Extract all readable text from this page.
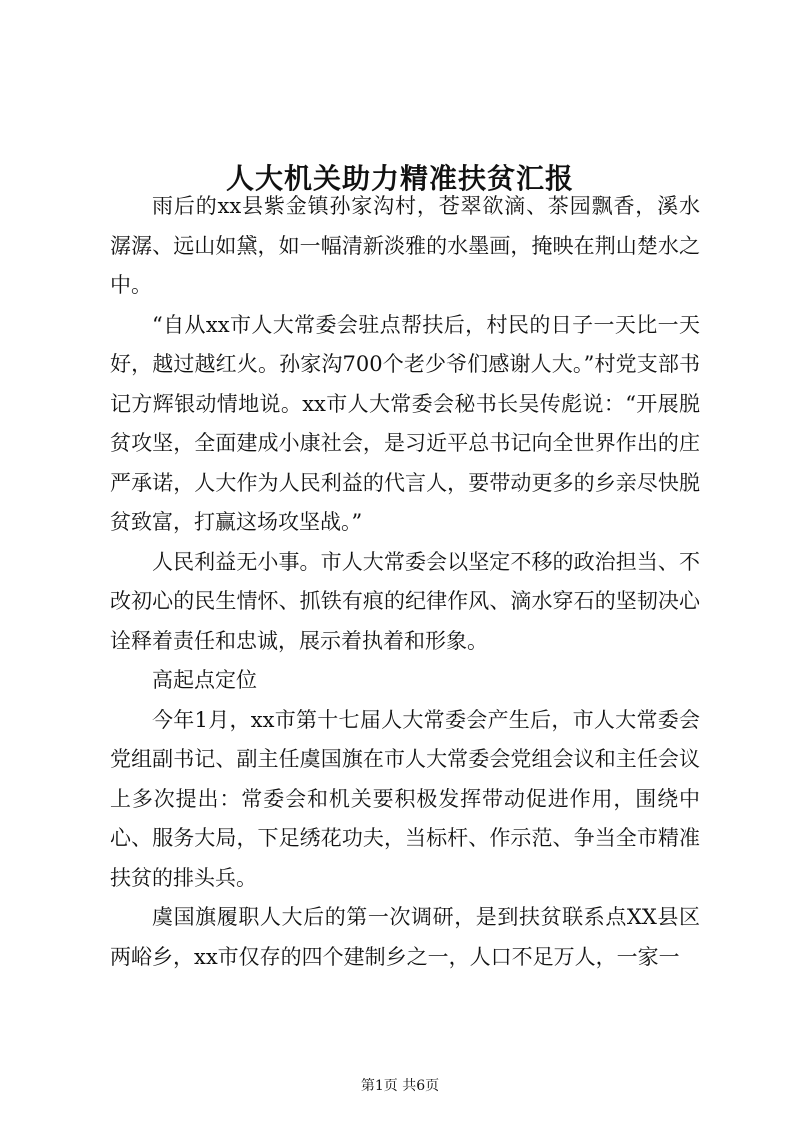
人大机关助力精准扶贫汇报

雨后的xx县紫金镇孙家沟村，苍翠欲滴、茶园飘香，溪水潺潺、远山如黛，如一幅清新淡雅的水墨画，掩映在荆山楚水之中。

“自从xx市人大常委会驻点帮扶后，村民的日子一天比一天好，越过越红火。孙家沟700个老少爷们感谢人大。”村党支部书记方辉银动情地说。xx市人大常委会秘书长吴传彪说：“开展脱贫攻坚，全面建成小康社会，是习近平总书记向全世界作出的庄严承诺，人大作为人民利益的代言人，要带动更多的乡亲尽快脱贫致富，打赢这场攻坚战。”

人民利益无小事。市人大常委会以坚定不移的政治担当、不改初心的民生情怀、抓铁有痕的纪律作风、滴水穿石的坚韧决心诠释着责任和忠诚，展示着执着和形象。

高起点定位

今年1月，xx市第十七届人大常委会产生后，市人大常委会党组副书记、副主任虞国旗在市人大常委会党组会议和主任会议上多次提出：常委会和机关要积极发挥带动促进作用，围绕中心、服务大局，下足绣花功夫，当标杆、作示范、争当全市精准扶贫的排头兵。

虞国旗履职人大后的第一次调研，是到扶贫联系点XX县区两峪乡，xx市仅存的四个建制乡之一，人口不足万人，一家一

第1页 共6页
